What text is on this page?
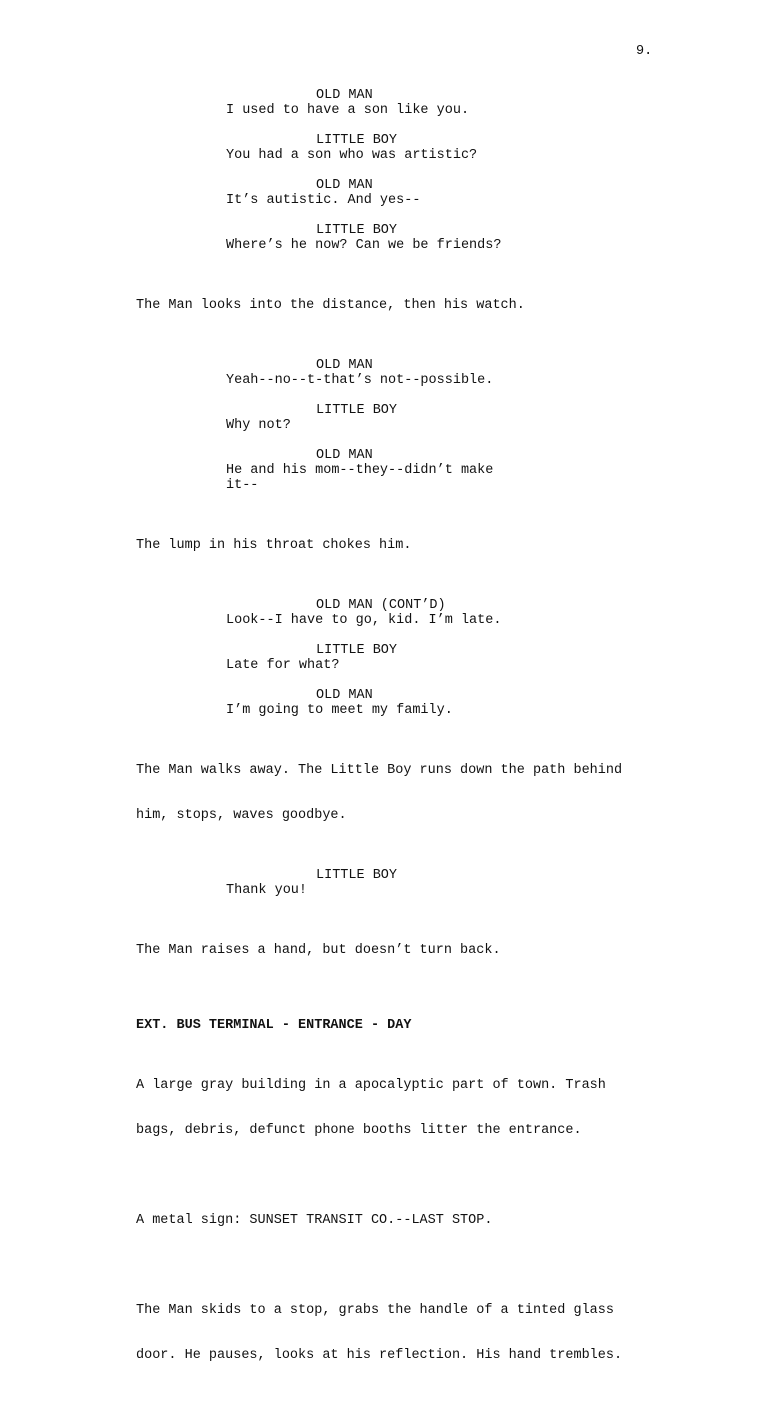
9.
OLD MAN
I used to have a son like you.
LITTLE BOY
You had a son who was artistic?
OLD MAN
It’s autistic. And yes--
LITTLE BOY
Where’s he now? Can we be friends?

The Man looks into the distance, then his watch.

OLD MAN
Yeah--no--t-that’s not--possible.
LITTLE BOY
Why not?
OLD MAN
He and his mom--they--didn’t make
it--

The lump in his throat chokes him.

OLD MAN (CONT’D)
Look--I have to go, kid. I’m late.
LITTLE BOY
Late for what?
OLD MAN
I’m going to meet my family.

The Man walks away. The Little Boy runs down the path behind

him, stops, waves goodbye.

LITTLE BOY
Thank you!

The Man raises a hand, but doesn’t turn back.

EXT. BUS TERMINAL - ENTRANCE - DAY

A large gray building in a apocalyptic part of town. Trash

bags, debris, defunct phone booths litter the entrance.

A metal sign: SUNSET TRANSIT CO.--LAST STOP.

The Man skids to a stop, grabs the handle of a tinted glass

door. He pauses, looks at his reflection. His hand trembles.
